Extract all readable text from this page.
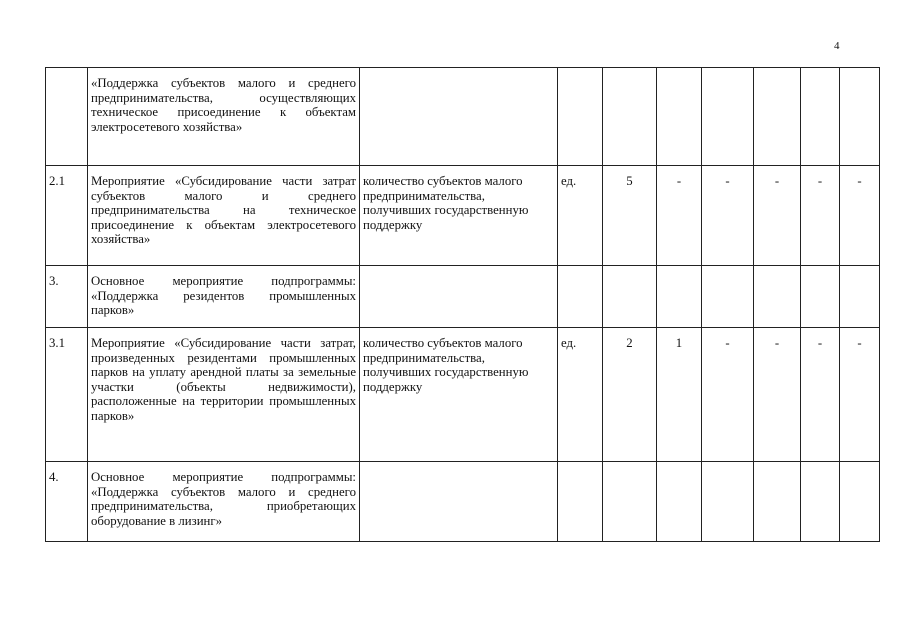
4
	«Поддержка субъектов малого и среднего предпринимательства, осуществляющих техническое присоединение к объектам электросетевого хозяйства»								
2.1	Мероприятие «Субсидирование части затрат субъектов малого и среднего предпринимательства на техническое присоединение к объектам электросетевого хозяйства»	количество субъектов малого предпринимательства, получивших государственную поддержку	ед.	5	-	-	-	-	-
3.	Основное мероприятие подпрограммы: «Поддержка резидентов промышленных парков»								
3.1	Мероприятие «Субсидирование части затрат, произведенных резидентами промышленных парков на уплату арендной платы за земельные участки (объекты недвижимости), расположенные на территории промышленных парков»	количество субъектов малого предпринимательства, получивших государственную поддержку	ед.	2	1	-	-	-	-
4.	Основное мероприятие подпрограммы: «Поддержка субъектов малого и среднего предпринимательства, приобретающих оборудование в лизинг»								
